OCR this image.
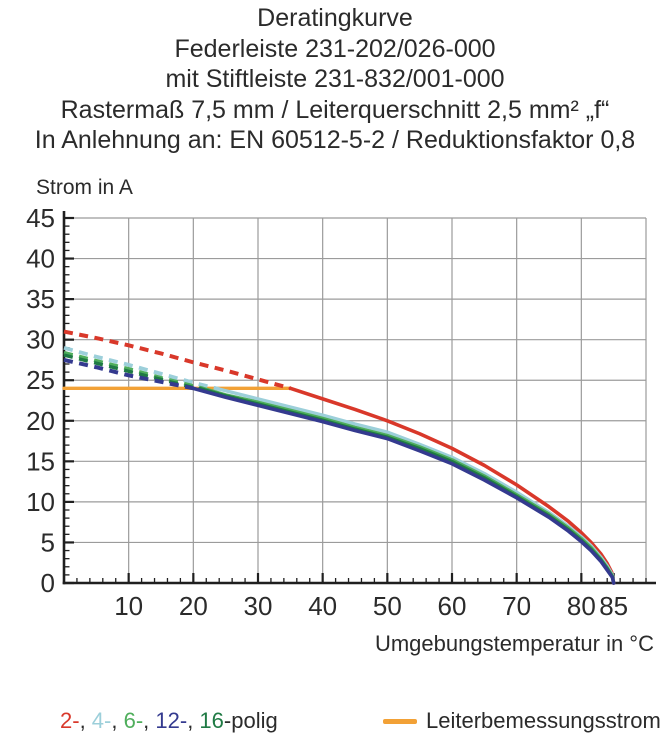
Deratingkurve
Federleiste 231-202/026-000
mit Stiftleiste 231-832/001-000
Rastermaß 7,5 mm / Leiterquerschnitt 2,5 mm² „f“
In Anlehnung an: EN 60512-5-2 / Reduktionsfaktor 0,8
Strom in A
10 20 30 40 50 60 70 80 85
0
5
10
15
20
25
30
35
40
45
Umgebungstemperatur in °C
2-, 4-, 6-, 12-, 16-polig	Leiterbemessungsstrom
